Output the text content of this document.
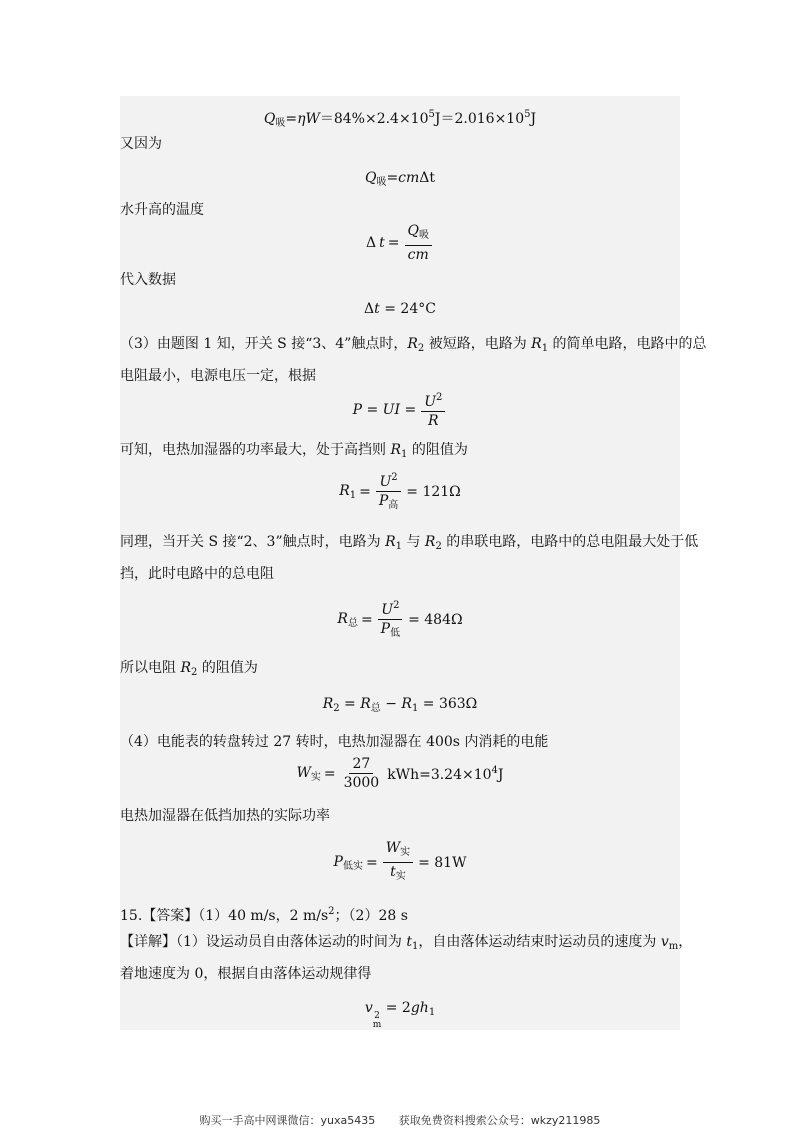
$Q_吸=\eta W=84\%\times 2.4\times 10^5J=2.016\times 10^5J$
又因为
$Q_吸=cm\Delta t$
水升高的温度
Δ $t = \frac{Q_吸}{cm}$
代入数据
Δt = 24°C
（3）由题图 1 知，开关 S 接“3、4”触点时，$R_2$ 被短路，电路为 $R_1$ 的简单电路，电路中的总
电阻最小，电源电压一定，根据
P = UI = $\frac{U^2}{R}$
可知，电热加湿器的功率最大，处于高挡则 $R_1$ 的阻值为
$R_1 = \frac{U^2}{P_高} = 121\Omega$
同理，当开关 S 接“2、3”触点时，电路为 $R_1$ 与 $R_2$ 的串联电路，电路中的总电阻最大处于低
挡，此时电路中的总电阻
$R_总 = \frac{U^2}{P_低} = 484\Omega$
所以电阻 $R_2$ 的阻值为
$R_2 = R_总 - R_1 = 363\Omega$
（4）电能表的转盘转过 27 转时，电热加湿器在 400s 内消耗的电能
$W_实 = \frac{27}{3000} kWh=3.24\times 10^4J$
电热加湿器在低挡加热的实际功率
$P_{低实} = \frac{W_实}{t_实} = 81W$
15.【答案】（1）40 m/s，2 $m/s^2$；（2）28 s
【详解】（1）设运动员自由落体运动的时间为 $t_1$，自由落体运动结束时运动员的速度为 $v_m$，
着地速度为 0，根据自由落体运动规律得
v 2
m
= $2gh_1$
购买一手高中网课微信：yuxa5435 获取免费资料搜索公众号：wkzy211985
